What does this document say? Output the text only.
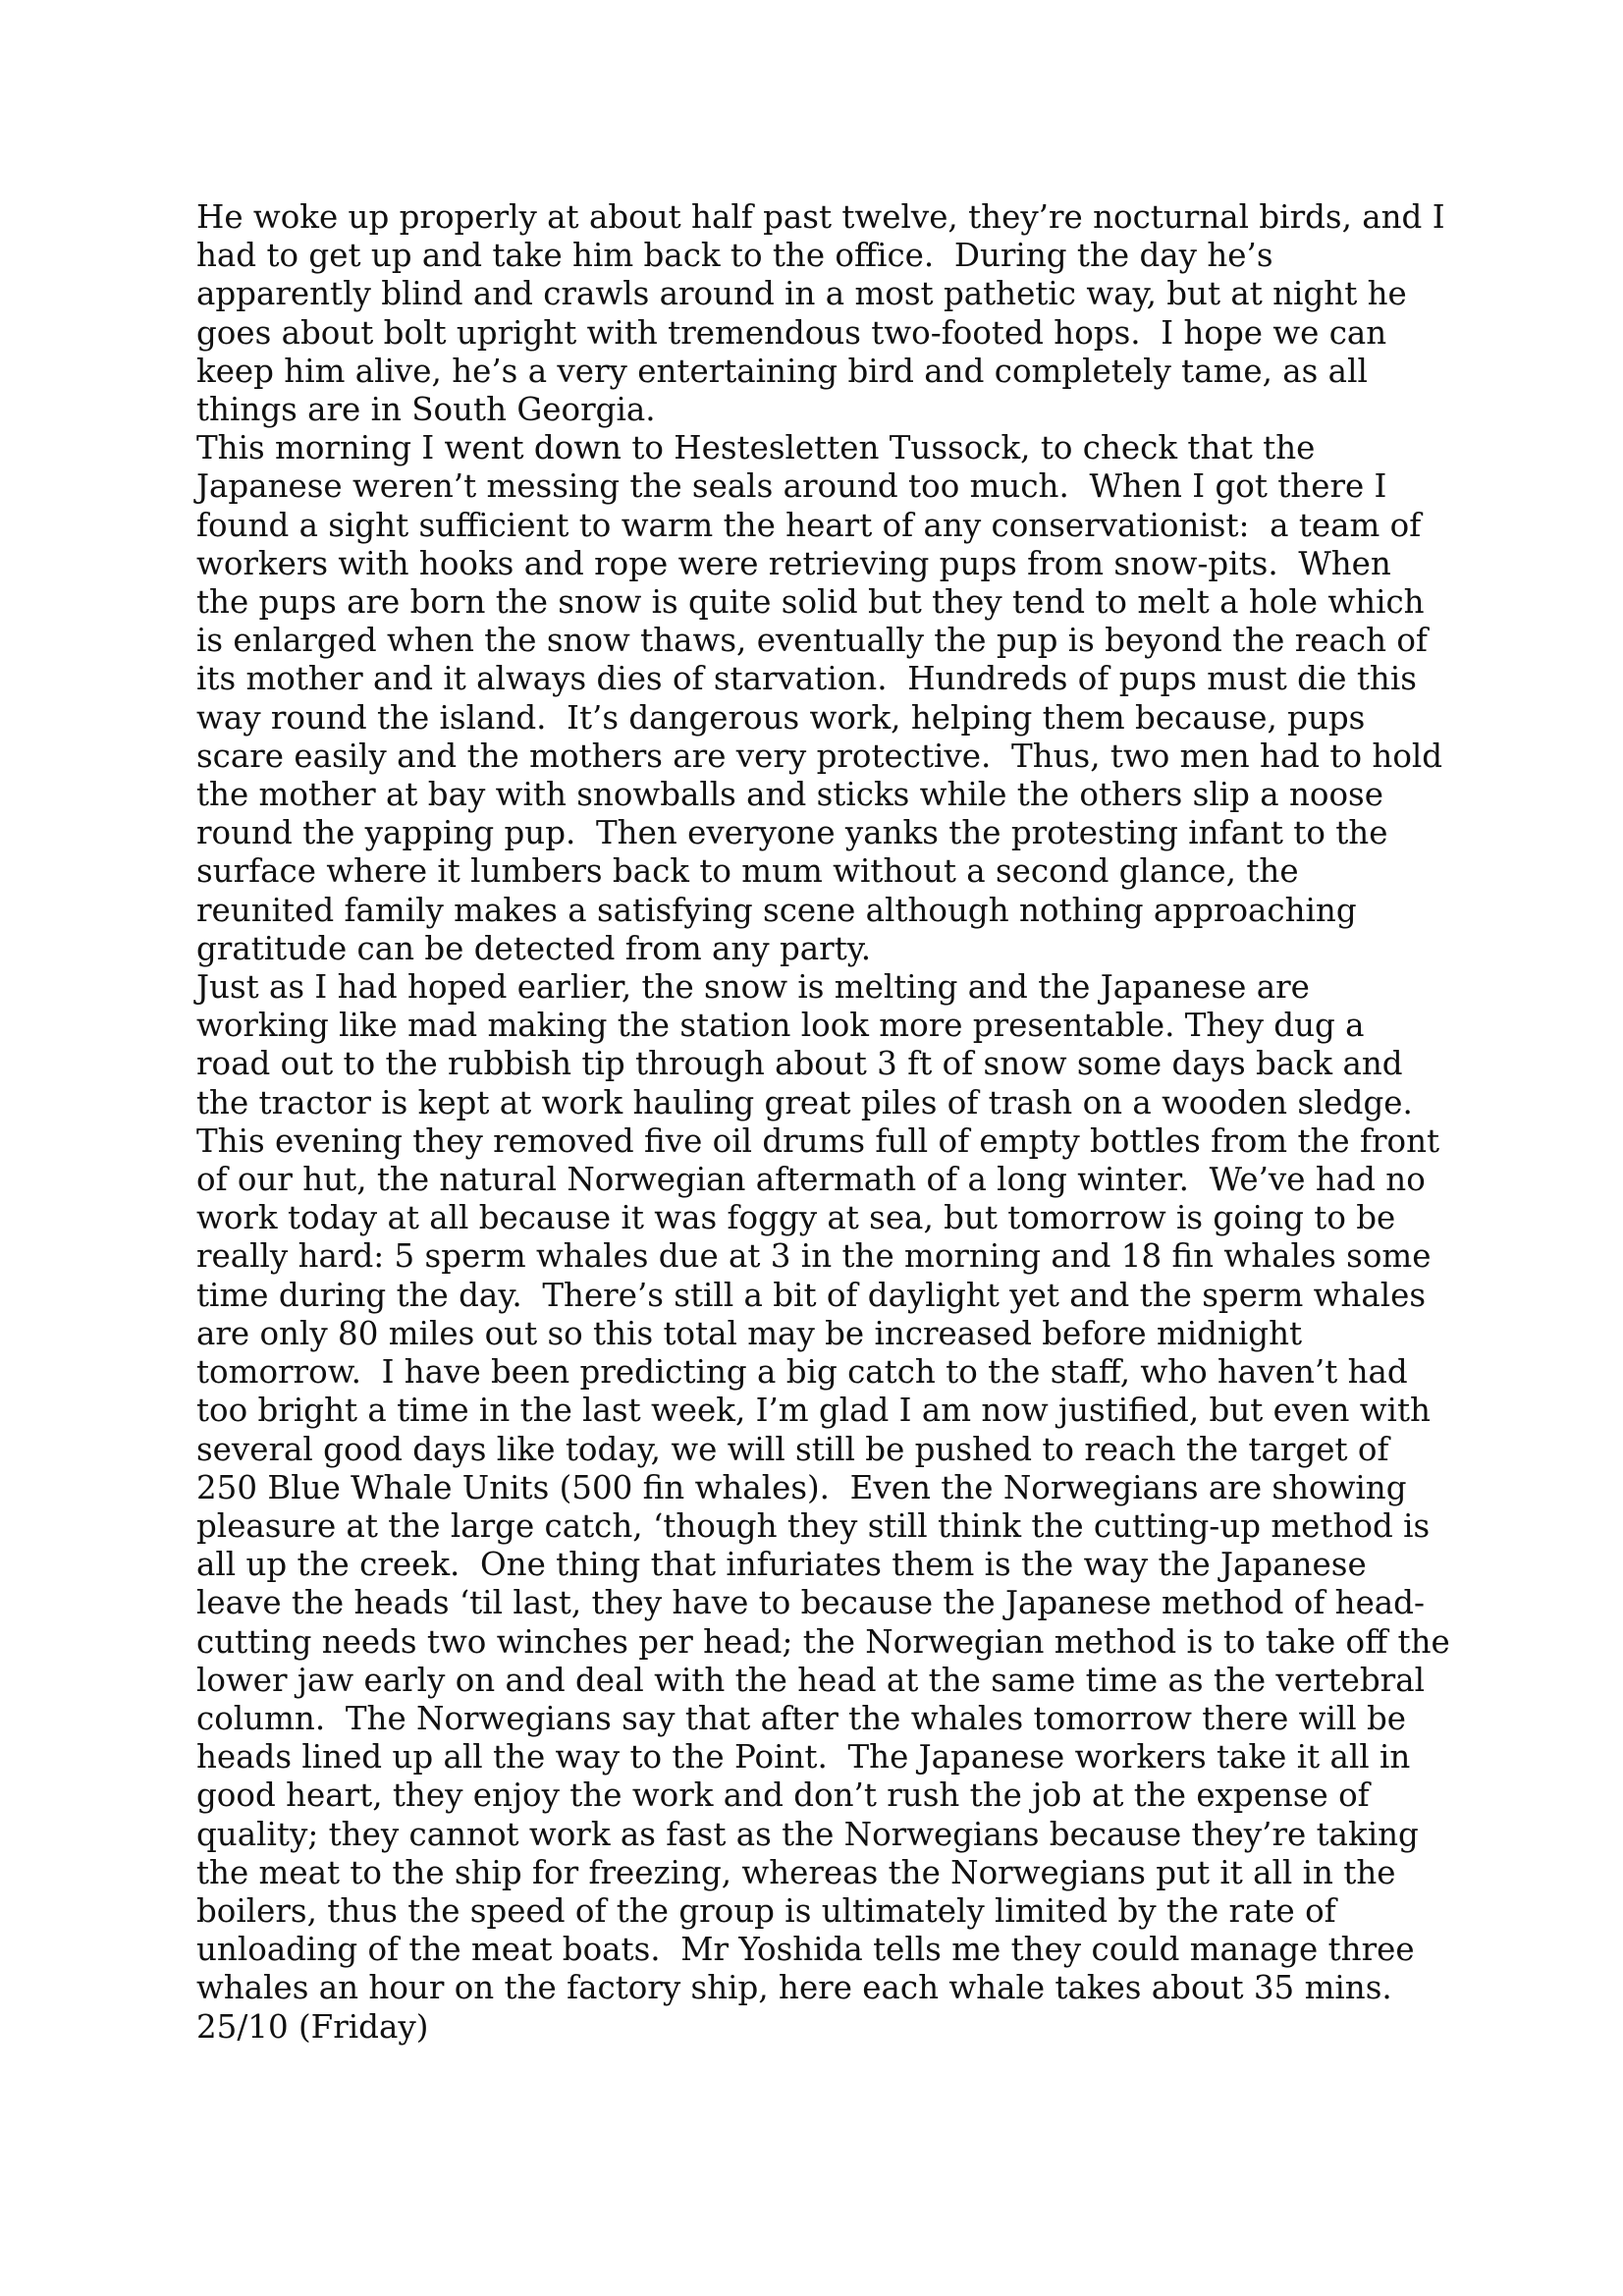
He woke up properly at about half past twelve, they’re nocturnal birds, and I
had to get up and take him back to the office.  During the day he’s
apparently blind and crawls around in a most pathetic way, but at night he
goes about bolt upright with tremendous two-footed hops.  I hope we can
keep him alive, he’s a very entertaining bird and completely tame, as all
things are in South Georgia.
This morning I went down to Hestesletten Tussock, to check that the
Japanese weren’t messing the seals around too much.  When I got there I
found a sight sufficient to warm the heart of any conservationist:  a team of
workers with hooks and rope were retrieving pups from snow-pits.  When
the pups are born the snow is quite solid but they tend to melt a hole which
is enlarged when the snow thaws, eventually the pup is beyond the reach of
its mother and it always dies of starvation.  Hundreds of pups must die this
way round the island.  It’s dangerous work, helping them because, pups
scare easily and the mothers are very protective.  Thus, two men had to hold
the mother at bay with snowballs and sticks while the others slip a noose
round the yapping pup.  Then everyone yanks the protesting infant to the
surface where it lumbers back to mum without a second glance, the
reunited family makes a satisfying scene although nothing approaching
gratitude can be detected from any party.
Just as I had hoped earlier, the snow is melting and the Japanese are
working like mad making the station look more presentable. They dug a
road out to the rubbish tip through about 3 ft of snow some days back and
the tractor is kept at work hauling great piles of trash on a wooden sledge.
This evening they removed five oil drums full of empty bottles from the front
of our hut, the natural Norwegian aftermath of a long winter.  We’ve had no
work today at all because it was foggy at sea, but tomorrow is going to be
really hard: 5 sperm whales due at 3 in the morning and 18 fin whales some
time during the day.  There’s still a bit of daylight yet and the sperm whales
are only 80 miles out so this total may be increased before midnight
tomorrow.  I have been predicting a big catch to the staff, who haven’t had
too bright a time in the last week, I’m glad I am now justified, but even with
several good days like today, we will still be pushed to reach the target of
250 Blue Whale Units (500 fin whales).  Even the Norwegians are showing
pleasure at the large catch, ‘though they still think the cutting-up method is
all up the creek.  One thing that infuriates them is the way the Japanese
leave the heads ‘til last, they have to because the Japanese method of head-
cutting needs two winches per head; the Norwegian method is to take off the
lower jaw early on and deal with the head at the same time as the vertebral
column.  The Norwegians say that after the whales tomorrow there will be
heads lined up all the way to the Point.  The Japanese workers take it all in
good heart, they enjoy the work and don’t rush the job at the expense of
quality; they cannot work as fast as the Norwegians because they’re taking
the meat to the ship for freezing, whereas the Norwegians put it all in the
boilers, thus the speed of the group is ultimately limited by the rate of
unloading of the meat boats.  Mr Yoshida tells me they could manage three
whales an hour on the factory ship, here each whale takes about 35 mins.
25/10 (Friday)
